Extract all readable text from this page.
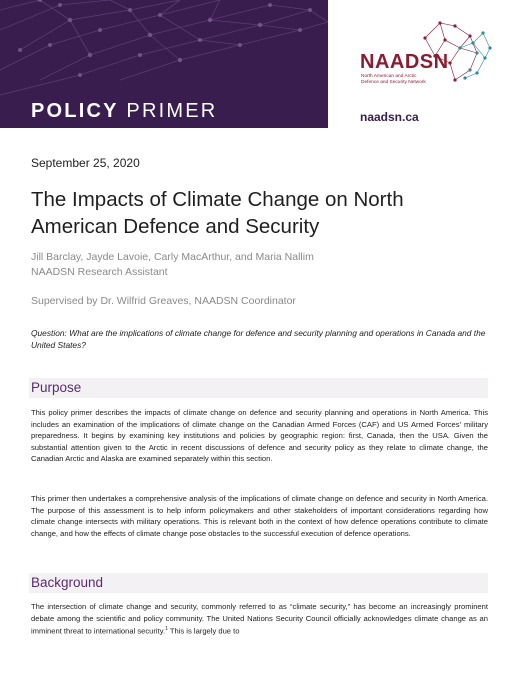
POLICY PRIMER
NAADSN
North American and Arctic Defence and Security Network
naadsn.ca
September 25, 2020
The Impacts of Climate Change on North American Defence and Security
Jill Barclay, Jayde Lavoie, Carly MacArthur, and Maria Nallim
NAADSN Research Assistant
Supervised by Dr. Wilfrid Greaves, NAADSN Coordinator
Question: What are the implications of climate change for defence and security planning and operations in Canada and the United States?
Purpose
This policy primer describes the impacts of climate change on defence and security planning and operations in North America. This includes an examination of the implications of climate change on the Canadian Armed Forces (CAF) and US Armed Forces’ military preparedness. It begins by examining key institutions and policies by geographic region: first, Canada, then the USA. Given the substantial attention given to the Arctic in recent discussions of defence and security policy as they relate to climate change, the Canadian Arctic and Alaska are examined separately within this section.
This primer then undertakes a comprehensive analysis of the implications of climate change on defence and security in North America. The purpose of this assessment is to help inform policymakers and other stakeholders of important considerations regarding how climate change intersects with military operations. This is relevant both in the context of how defence operations contribute to climate change, and how the effects of climate change pose obstacles to the successful execution of defence operations.
Background
The intersection of climate change and security, commonly referred to as “climate security,” has become an increasingly prominent debate among the scientific and policy community. The United Nations Security Council officially acknowledges climate change as an imminent threat to international security.$^1$ This is largely due to
